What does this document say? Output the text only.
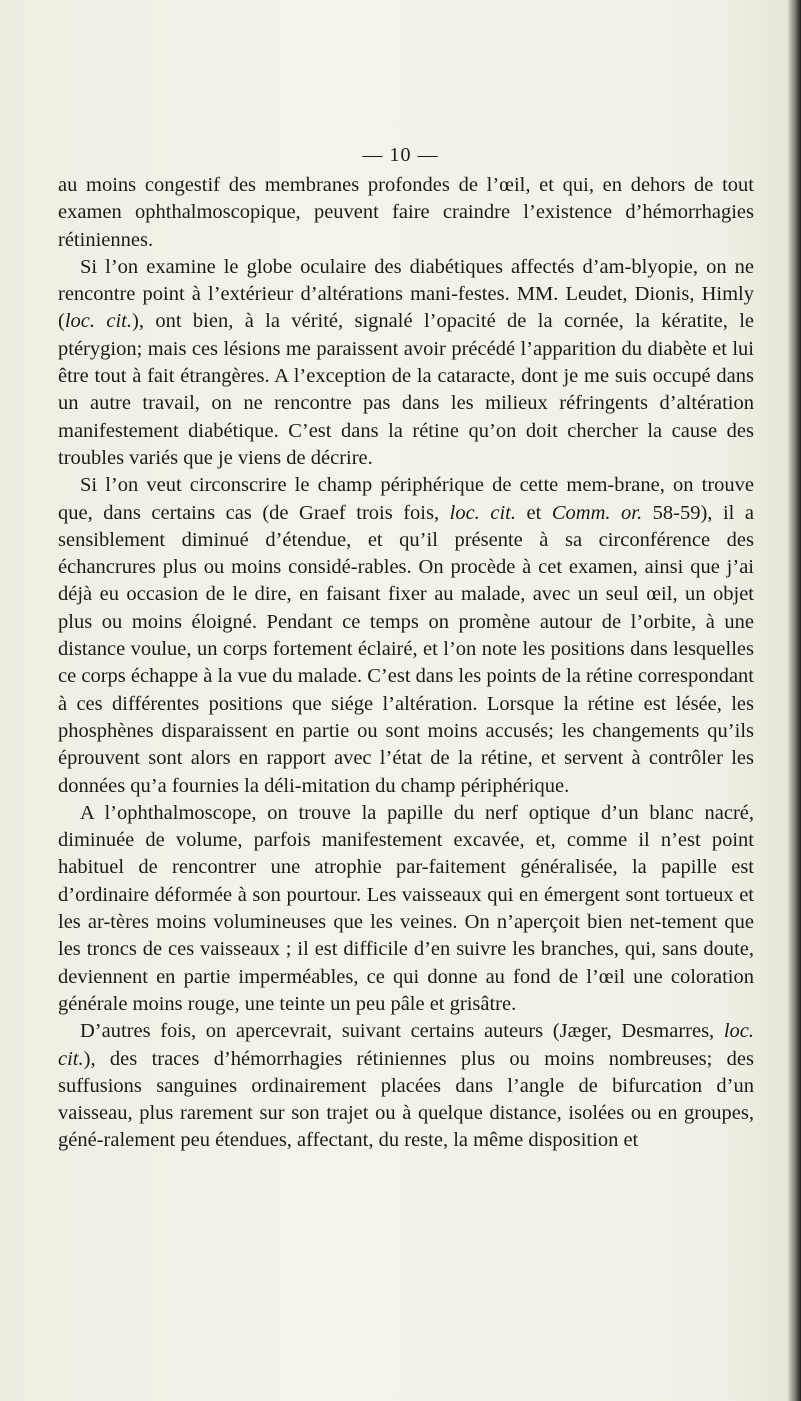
— 10 —

au moins congestif des membranes profondes de l’œil, et qui, en dehors de tout examen ophthalmoscopique, peuvent faire craindre l’existence d’hémorrhagies rétiniennes.

Si l’on examine le globe oculaire des diabétiques affectés d’am-blyopie, on ne rencontre point à l’extérieur d’altérations mani-festes. MM. Leudet, Dionis, Himly (loc. cit.), ont bien, à la vérité, signalé l’opacité de la cornée, la kératite, le ptérygion; mais ces lésions me paraissent avoir précédé l’apparition du diabète et lui être tout à fait étrangères. A l’exception de la cataracte, dont je me suis occupé dans un autre travail, on ne rencontre pas dans les milieux réfringents d’altération manifestement diabétique. C’est dans la rétine qu’on doit chercher la cause des troubles variés que je viens de décrire.

Si l’on veut circonscrire le champ périphérique de cette mem-brane, on trouve que, dans certains cas (de Graef trois fois, loc. cit. et Comm. or. 58-59), il a sensiblement diminué d’étendue, et qu’il présente à sa circonférence des échancrures plus ou moins considé-rables. On procède à cet examen, ainsi que j’ai déjà eu occasion de le dire, en faisant fixer au malade, avec un seul œil, un objet plus ou moins éloigné. Pendant ce temps on promène autour de l’orbite, à une distance voulue, un corps fortement éclairé, et l’on note les positions dans lesquelles ce corps échappe à la vue du malade. C’est dans les points de la rétine correspondant à ces différentes positions que siége l’altération. Lorsque la rétine est lésée, les phosphènes disparaissent en partie ou sont moins accusés; les changements qu’ils éprouvent sont alors en rapport avec l’état de la rétine, et servent à contrôler les données qu’a fournies la déli-mitation du champ périphérique.

A l’ophthalmoscope, on trouve la papille du nerf optique d’un blanc nacré, diminuée de volume, parfois manifestement excavée, et, comme il n’est point habituel de rencontrer une atrophie par-faitement généralisée, la papille est d’ordinaire déformée à son pourtour. Les vaisseaux qui en émergent sont tortueux et les ar-tères moins volumineuses que les veines. On n’aperçoit bien net-tement que les troncs de ces vaisseaux ; il est difficile d’en suivre les branches, qui, sans doute, deviennent en partie imperméables, ce qui donne au fond de l’œil une coloration générale moins rouge, une teinte un peu pâle et grisâtre.

D’autres fois, on apercevrait, suivant certains auteurs (Jæger, Desmarres, loc. cit.), des traces d’hémorrhagies rétiniennes plus ou moins nombreuses; des suffusions sanguines ordinairement placées dans l’angle de bifurcation d’un vaisseau, plus rarement sur son trajet ou à quelque distance, isolées ou en groupes, géné-ralement peu étendues, affectant, du reste, la même disposition et
